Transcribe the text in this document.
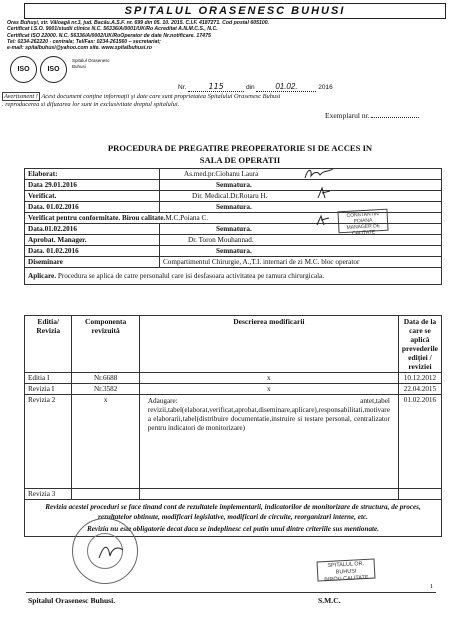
SPITALUL ORASENESC BUHUSI
Oras Buhuşi, str. Văloagă nr.3, jud. Bacău.A.S.F. nr. 699 din 05. 10. 2015. C.I.F. 4187271. Cod postal 605100.
Certificat I.S.O. 9001/studii clinice N.C. 56336/A/0001/UK/Ro Acreditat A.N.M.C.S., N.C.
Certificat ISO 22000. N.C. 56336/A/0002/UK/RoOperator de date Nr.notificare. 17475
Tel: 0234-262220 - centrala; Tel/Fax: 0234-261560 – secretariat;
e-mail: spitalbuhusi@yahoo.com site. www.spitalbuhusi.ro
ISO	ISO
Spitalul Orasenesc Buhusi
Nr.	115	din	01.02.	2016
Avertisment ! Acest document conţine informaţii şi date care sunt proprietatea Spitalului Orasenesc Buhusi
. reproducerea si difuzarea lor sunt in exclusivitate dreptul spitalului.
Exemplarul nr.
PROCEDURA DE PREGATIRE PREOPERATORIE SI DE ACCES IN
SALA DE OPERATII
Elaborat:	As.med.pr.Ciobanu Laura
Data 29.01.2016	Semnatura.
Verificat.	Dir. Medical.Dr.Rotaru H.
Data. 01.02.2016	Semnatura.
Verificat pentru conformitate. Birou calitate.M.C.Poiana C.	
Data.01.02.2016	Semnatura.
Aprobat. Manager.	Dr. Toron Mouhannad.
Data. 01.02.2016	Semnatura.
Diseminare	Compartimentul Chirurgie, A.,T.I. internari de zi M.C. bloc operator
Aplicare. Procedura se aplica de catre personalul care isi desfasoara activitatea pe ramura chirurgicala.	
CONSTANTIN POIANA
MANAGER DE
CALITATE
Editia/ Revizia	Componenta revizuită	Descrierea modificarii	Data de la care se aplică prevederile ediţiei / reviziei
Editia I	Nr.6688	x	10.12.2012
Revizia I	Nr.3582	x	22.04.2015
Revizia 2	x	Adaugare: antet,tabel revizii,tabel(elaborat,verificat,aprobat,diseminare,aplicare),responsabilitati,motivare a elaborarii,tabel(distribuire documentatie,instruire si testare personal, centralizator pentru indicatori de monitorizare)	01.02.2016
Revizia 3			

Revizia acestei proceduri se face tinand cont de rezultatele implementarii, indicatorilor de monitorizare de structura, de proces, rezultatelor obtinute, modificari legislative, modificari de circuite, reorganizari interne, etc.
Revizia nu este obligatorie decat daca se indeplinesc cel putin unul dintre criteriile sus mentionate.			
SPITALUL OR. BUHUSI
BIROU CALITATE
1
Spitalul Orasenesc Buhusi.	S.M.C.
